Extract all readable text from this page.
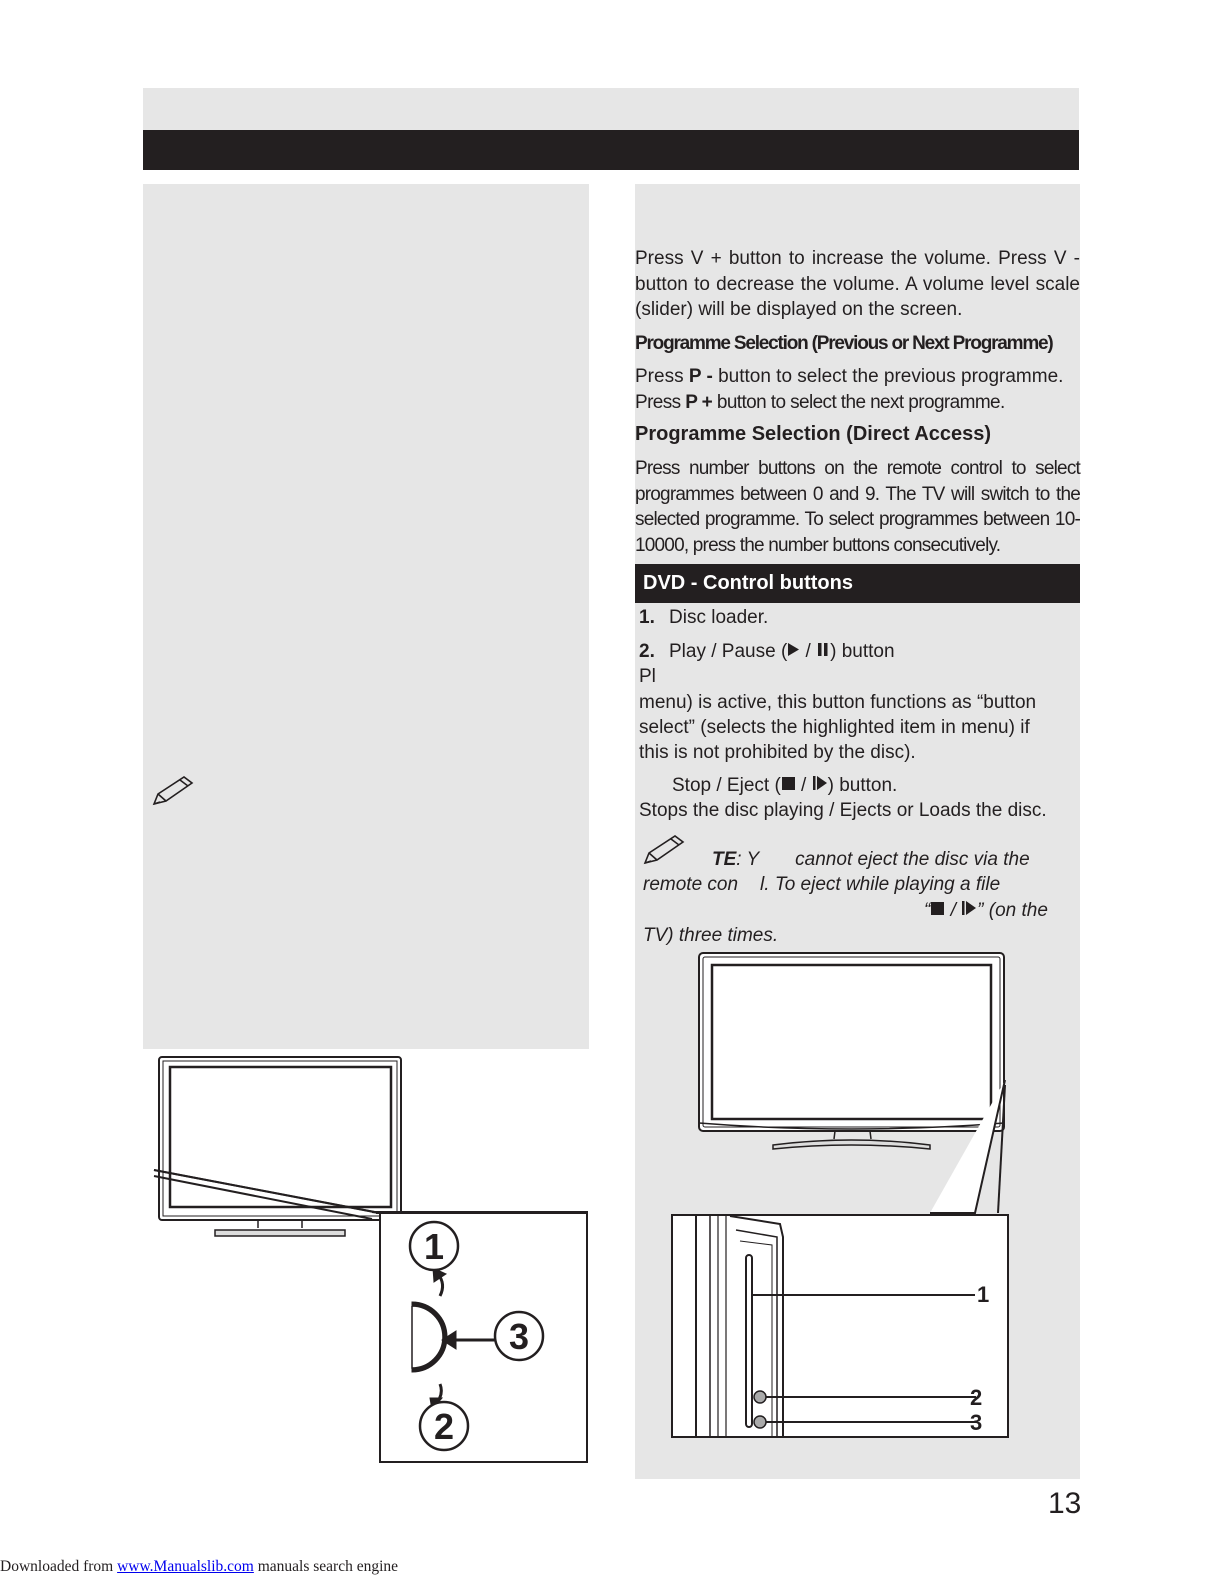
Press V + button to increase the volume. Press V - button to decrease the volume. A volume level scale (slider) will be displayed on the screen.
Programme Selection (Previous or Next Programme)
Press P - button to select the previous programme.
Press P + button to select the next programme.
Programme Selection (Direct Access)
Press number buttons on the remote control to select programmes between 0 and 9. The TV will switch to the selected programme. To select programmes between 10-10000, press the number buttons consecutively.
DVD - Control buttons
1. Disc loader.
2. Play / Pause ( / ) button
Pl
menu) is active, this button functions as “button
select” (selects the highlighted item in menu) if
this is not prohibited by the disc).
Stop / Eject ( / ) button.
Stops the disc playing / Ejects or Loads the disc.
TE: Y cannot eject the disc via the
remote con l. To eject while playing a file
“ / ” (on the
TV) three times.
1
2
3
1
3
2
13
Downloaded from www.Manualslib.com manuals search engine
